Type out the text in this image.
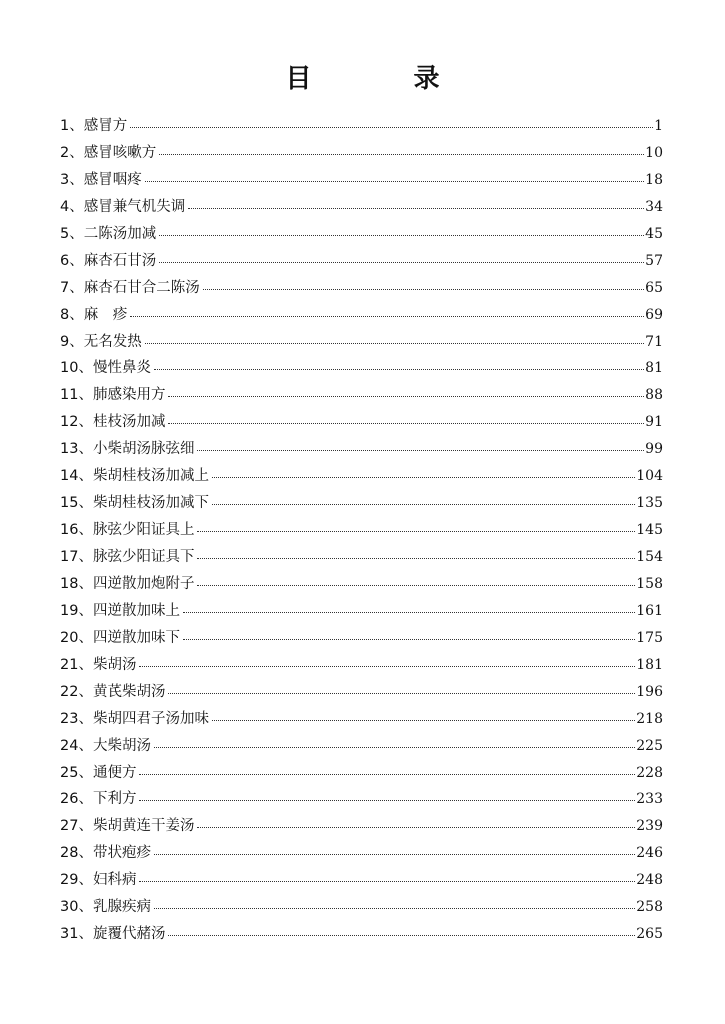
目　录
1、 感冒方	1
2、 感冒咳嗽方	10
3、 感冒咽疼	18
4、 感冒兼气机失调	34
5、 二陈汤加减	45
6、 麻杏石甘汤	57
7、 麻杏石甘合二陈汤	65
8、 麻　疹	69
9、 无名发热	71
10、 慢性鼻炎	81
11、 肺感染用方	88
12、 桂枝汤加减	91
13、 小柴胡汤脉弦细	99
14、 柴胡桂枝汤加减上	104
15、 柴胡桂枝汤加减下	135
16、 脉弦少阳证具上	145
17、 脉弦少阳证具下	154
18、 四逆散加炮附子	158
19、 四逆散加味上	161
20、 四逆散加味下	175
21、 柴胡汤	181
22、 黄芪柴胡汤	196
23、 柴胡四君子汤加味	218
24、 大柴胡汤	225
25、 通便方	228
26、 下利方	233
27、 柴胡黄连干姜汤	239
28、 带状疱疹	246
29、 妇科病	248
30、 乳腺疾病	258
31、 旋覆代赭汤	265
